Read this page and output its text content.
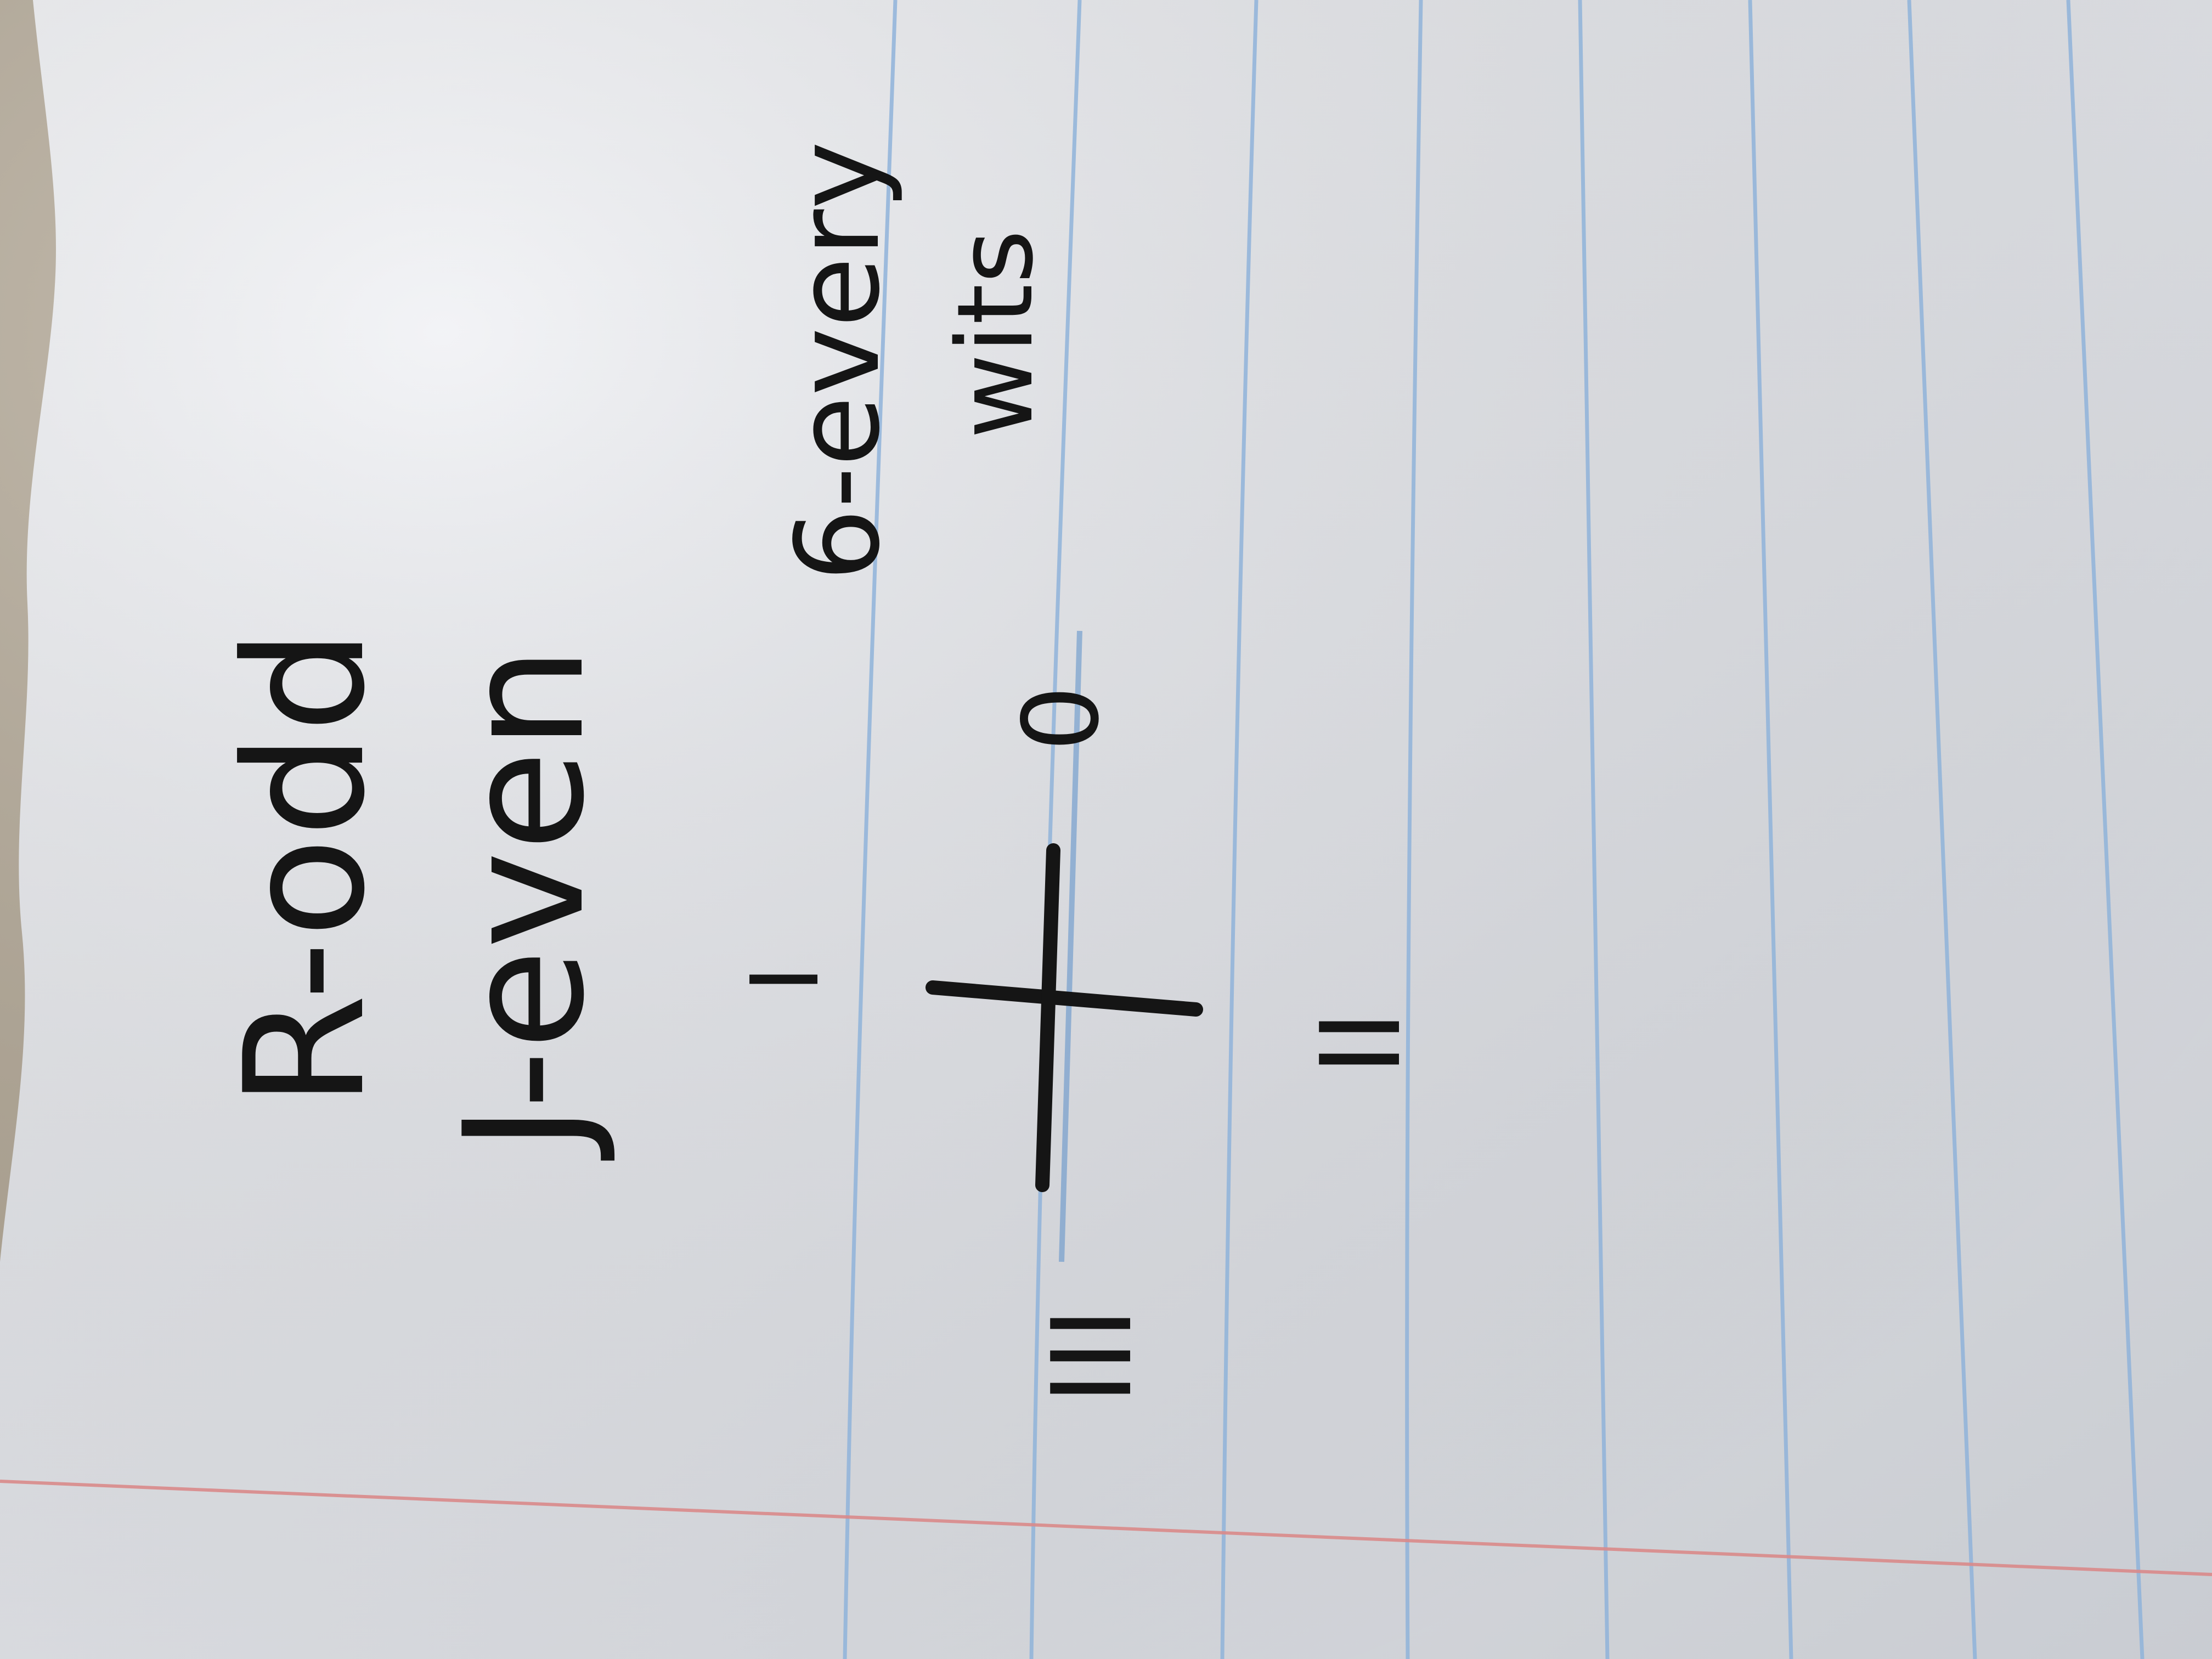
R-odd J-even
6-every wits
I
II
III
0
